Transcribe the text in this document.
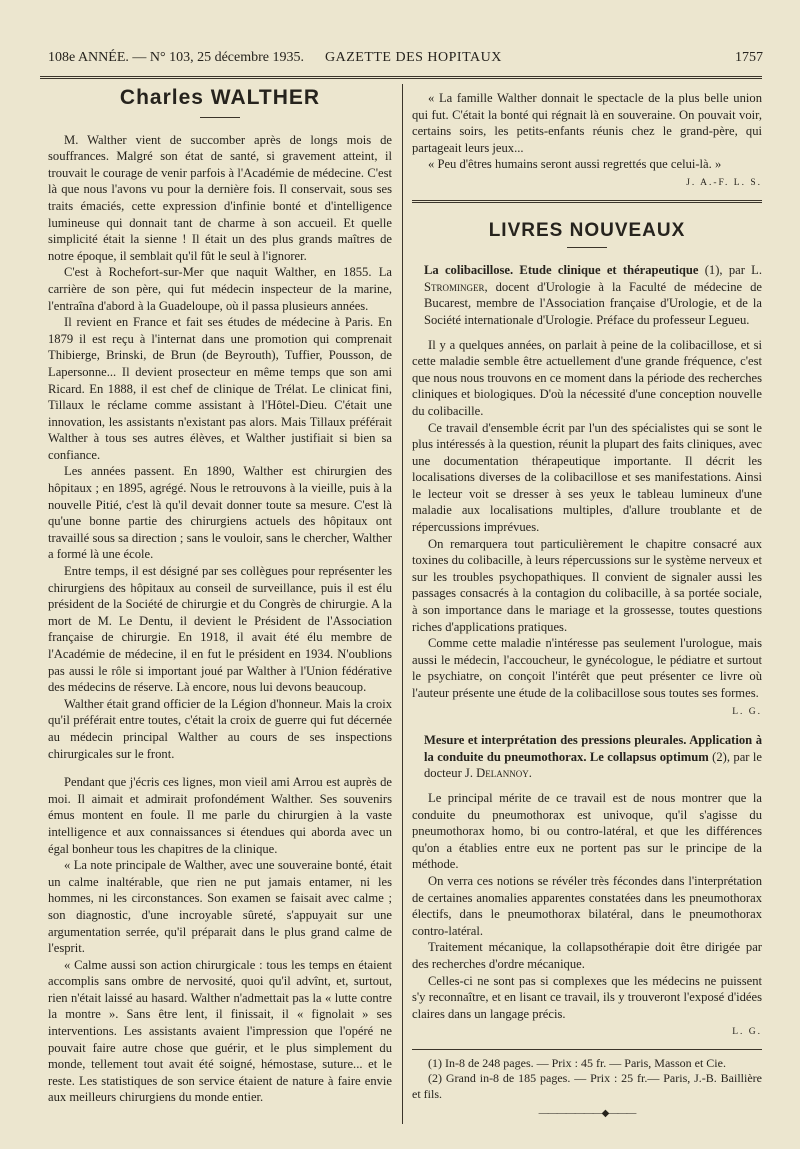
108e ANNÉE. — N° 103, 25 décembre 1935. GAZETTE DES HOPITAUX	1757
Charles WALTHER

M. Walther vient de succomber après de longs mois de souffrances. Malgré son état de santé, si gravement atteint, il trouvait le courage de venir parfois à l'Académie de médecine. C'est là que nous l'avons vu pour la dernière fois. Il conservait, sous ses traits émaciés, cette expression d'infinie bonté et d'intelligence lumineuse qui donnait tant de charme à son accueil. Et quelle simplicité était la sienne ! Il était un des plus grands maîtres de notre époque, il semblait qu'il fût le seul à l'ignorer.

C'est à Rochefort-sur-Mer que naquit Walther, en 1855. La carrière de son père, qui fut médecin inspecteur de la marine, l'entraîna d'abord à la Guadeloupe, où il passa plusieurs années.

Il revient en France et fait ses études de médecine à Paris. En 1879 il est reçu à l'internat dans une promotion qui comprenait Thibierge, Brinski, de Brun (de Beyrouth), Tuffier, Pousson, de Lapersonne... Il devient prosecteur en même temps que son ami Ricard. En 1888, il est chef de clinique de Trélat. Le clinicat fini, Tillaux le réclame comme assistant à l'Hôtel-Dieu. C'était une innovation, les assistants n'existant pas alors. Mais Tillaux préférait Walther à tous ses autres élèves, et Walther justifiait si bien sa confiance.

Les années passent. En 1890, Walther est chirurgien des hôpitaux ; en 1895, agrégé. Nous le retrouvons à la vieille, puis à la nouvelle Pitié, c'est là qu'il devait donner toute sa mesure. C'est là qu'une bonne partie des chirurgiens actuels des hôpitaux ont travaillé sous sa direction ; sans le vouloir, sans le chercher, Walther a formé là une école.

Entre temps, il est désigné par ses collègues pour représenter les chirurgiens des hôpitaux au conseil de surveillance, puis il est élu président de la Société de chirurgie et du Congrès de chirurgie. A la mort de M. Le Dentu, il devient le Président de l'Association française de chirurgie. En 1918, il avait été élu membre de l'Académie de médecine, il en fut le président en 1934. N'oublions pas aussi le rôle si important joué par Walther à l'Union fédérative des médecins de réserve. Là encore, nous lui devons beaucoup.

Walther était grand officier de la Légion d'honneur. Mais la croix qu'il préférait entre toutes, c'était la croix de guerre qui fut décernée au médecin principal Walther au cours de ses inspections chirurgicales sur le front.

Pendant que j'écris ces lignes, mon vieil ami Arrou est auprès de moi. Il aimait et admirait profondément Walther. Ses souvenirs émus montent en foule. Il me parle du chirurgien à la vaste intelligence et aux connaissances si étendues qui aborda avec un égal bonheur tous les chapitres de la clinique.

« La note principale de Walther, avec une souveraine bonté, était un calme inaltérable, que rien ne put jamais entamer, ni les hommes, ni les circonstances. Son examen se faisait avec calme ; son diagnostic, d'une incroyable sûreté, s'appuyait sur une argumentation serrée, qu'il préparait dans le plus grand calme de l'esprit.

« Calme aussi son action chirurgicale : tous les temps en étaient accomplis sans ombre de nervosité, quoi qu'il advînt, et, surtout, rien n'était laissé au hasard. Walther n'admettait pas la « lutte contre la montre ». Sans être lent, il finissait, il « fignolait » ses interventions. Les assistants avaient l'impression que l'opéré ne pouvait faire autre chose que guérir, et le plus simplement du monde, tellement tout avait été soigné, hémostase, suture... et le reste. Les statistiques de son service étaient de nature à faire envie aux meilleurs chirurgiens du monde entier.

« La famille Walther donnait le spectacle de la plus belle union qui fut. C'était la bonté qui régnait là en souveraine. On pouvait voir, certains soirs, les petits-enfants réunis chez le grand-père, qui partageait leurs jeux...

« Peu d'êtres humains seront aussi regrettés que celui-là. »

J. A.-F. L. S.
LIVRES NOUVEAUX

La colibacillose. Etude clinique et thérapeutique (1), par L. Strominger, docent d'Urologie à la Faculté de médecine de Bucarest, membre de l'Association française d'Urologie, et de la Société internationale d'Urologie. Préface du professeur Legueu.

Il y a quelques années, on parlait à peine de la colibacillose, et si cette maladie semble être actuellement d'une grande fréquence, c'est que nous nous trouvons en ce moment dans la période des recherches cliniques et biologiques. D'où la nécessité d'une conception nouvelle du colibacille.

Ce travail d'ensemble écrit par l'un des spécialistes qui se sont le plus intéressés à la question, réunit la plupart des faits cliniques, avec une documentation thérapeutique importante. Il décrit les localisations diverses de la colibacillose et ses manifestations. Ainsi le lecteur voit se dresser à ses yeux le tableau lumineux d'une maladie aux localisations multiples, d'allure troublante et de répercussions imprévues.

On remarquera tout particulièrement le chapitre consacré aux toxines du colibacille, à leurs répercussions sur le système nerveux et sur les troubles psychopathiques. Il convient de signaler aussi les passages consacrés à la contagion du colibacille, à sa portée sociale, à son importance dans le mariage et la grossesse, toutes questions riches d'applications pratiques.

Comme cette maladie n'intéresse pas seulement l'urologue, mais aussi le médecin, l'accoucheur, le gynécologue, le pédiatre et surtout le psychiatre, on conçoit l'intérêt que peut présenter ce livre où l'auteur présente une étude de la colibacillose sous toutes ses formes.

L. G.

Mesure et interprétation des pressions pleurales. Application à la conduite du pneumothorax. Le collapsus optimum (2), par le docteur J. Delannoy.

Le principal mérite de ce travail est de nous montrer que la conduite du pneumothorax est univoque, qu'il s'agisse du pneumothorax homo, bi ou contro-latéral, et que les différences qu'on a établies entre eux ne portent pas sur le principe de la méthode.

On verra ces notions se révéler très fécondes dans l'interprétation de certaines anomalies apparentes constatées dans les pneumothorax électifs, dans le pneumothorax bilatéral, dans le pneumothorax contro-latéral.

Traitement mécanique, la collapsothérapie doit être dirigée par des recherches d'ordre mécanique.

Celles-ci ne sont pas si complexes que les médecins ne puissent s'y reconnaître, et en lisant ce travail, ils y trouveront l'exposé d'idées claires dans un langage précis.

L. G.

(1) In-8 de 248 pages. — Prix : 45 fr. — Paris, Masson et Cie.

(2) Grand in-8 de 185 pages. — Prix : 25 fr.— Paris, J.-B. Baillière et fils.

———————◆———
